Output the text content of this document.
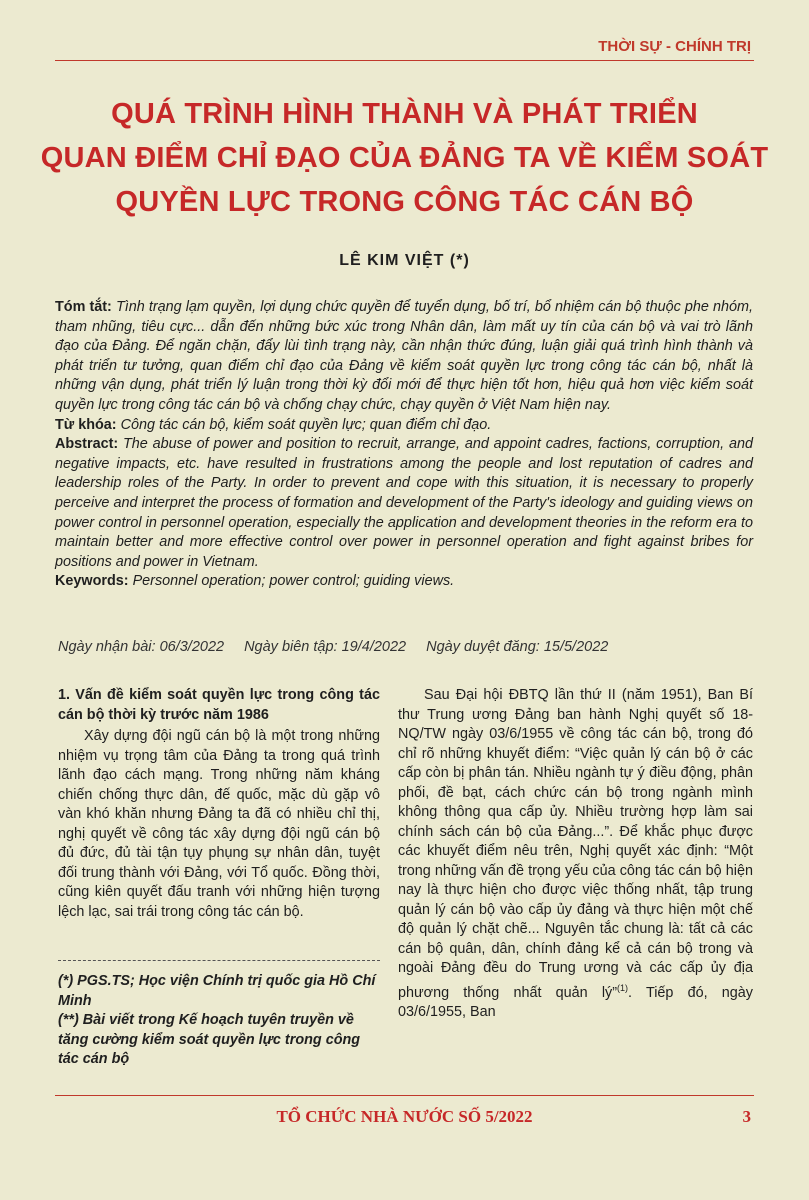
THỜI SỰ - CHÍNH TRỊ
QUÁ TRÌNH HÌNH THÀNH VÀ PHÁT TRIỂN
QUAN ĐIỂM CHỈ ĐẠO CỦA ĐẢNG TA VỀ KIỂM SOÁT
QUYỀN LỰC TRONG CÔNG TÁC CÁN BỘ
LÊ KIM VIỆT (*)

Tóm tắt: Tình trạng lạm quyền, lợi dụng chức quyền để tuyển dụng, bố trí, bổ nhiệm cán bộ thuộc phe nhóm, tham nhũng, tiêu cực... dẫn đến những bức xúc trong Nhân dân, làm mất uy tín của cán bộ và vai trò lãnh đạo của Đảng. Để ngăn chặn, đẩy lùi tình trạng này, cần nhận thức đúng, luận giải quá trình hình thành và phát triển tư tưởng, quan điểm chỉ đạo của Đảng về kiểm soát quyền lực trong công tác cán bộ, nhất là những vận dụng, phát triển lý luận trong thời kỳ đổi mới để thực hiện tốt hơn, hiệu quả hơn việc kiểm soát quyền lực trong công tác cán bộ và chống chạy chức, chạy quyền ở Việt Nam hiện nay.

Từ khóa: Công tác cán bộ, kiểm soát quyền lực; quan điểm chỉ đạo.

Abstract: The abuse of power and position to recruit, arrange, and appoint cadres, factions, corruption, and negative impacts, etc. have resulted in frustrations among the people and lost reputation of cadres and leadership roles of the Party. In order to prevent and cope with this situation, it is necessary to properly perceive and interpret the process of formation and development of the Party's ideology and guiding views on power control in personnel operation, especially the application and development theories in the reform era to maintain better and more effective control over power in personnel operation and fight against bribes for positions and power in Vietnam.

Keywords: Personnel operation; power control; guiding views.

Ngày nhận bài: 06/3/2022 Ngày biên tập: 19/4/2022 Ngày duyệt đăng: 15/5/2022

1. Vấn đề kiểm soát quyền lực trong công tác cán bộ thời kỳ trước năm 1986

Xây dựng đội ngũ cán bộ là một trong những nhiệm vụ trọng tâm của Đảng ta trong quá trình lãnh đạo cách mạng. Trong những năm kháng chiến chống thực dân, đế quốc, mặc dù gặp vô vàn khó khăn nhưng Đảng ta đã có nhiều chỉ thị, nghị quyết về công tác xây dựng đội ngũ cán bộ đủ đức, đủ tài tận tụy phụng sự nhân dân, tuyệt đối trung thành với Đảng, với Tổ quốc. Đồng thời, cũng kiên quyết đấu tranh với những hiện tượng lệch lạc, sai trái trong công tác cán bộ.

(*) PGS.TS; Học viện Chính trị quốc gia Hồ Chí Minh

(**) Bài viết trong Kế hoạch tuyên truyền về tăng cường kiểm soát quyền lực trong công tác cán bộ

Sau Đại hội ĐBTQ lần thứ II (năm 1951), Ban Bí thư Trung ương Đảng ban hành Nghị quyết số 18-NQ/TW ngày 03/6/1955 về công tác cán bộ, trong đó chỉ rõ những khuyết điểm: “Việc quản lý cán bộ ở các cấp còn bị phân tán. Nhiều ngành tự ý điều động, phân phối, đề bạt, cách chức cán bộ trong ngành mình không thông qua cấp ủy. Nhiều trường hợp làm sai chính sách cán bộ của Đảng...”. Để khắc phục được các khuyết điểm nêu trên, Nghị quyết xác định: “Một trong những vấn đề trọng yếu của công tác cán bộ hiện nay là thực hiện cho được việc thống nhất, tập trung quản lý cán bộ vào cấp ủy đảng và thực hiện một chế độ quản lý chặt chẽ... Nguyên tắc chung là: tất cả các cán bộ quân, dân, chính đảng kể cả cán bộ trong và ngoài Đảng đều do Trung ương và các cấp ủy địa phương thống nhất quản lý”$^{(1)}$. Tiếp đó, ngày 03/6/1955, Ban

TỔ CHỨC NHÀ NƯỚC SỐ 5/2022	3
